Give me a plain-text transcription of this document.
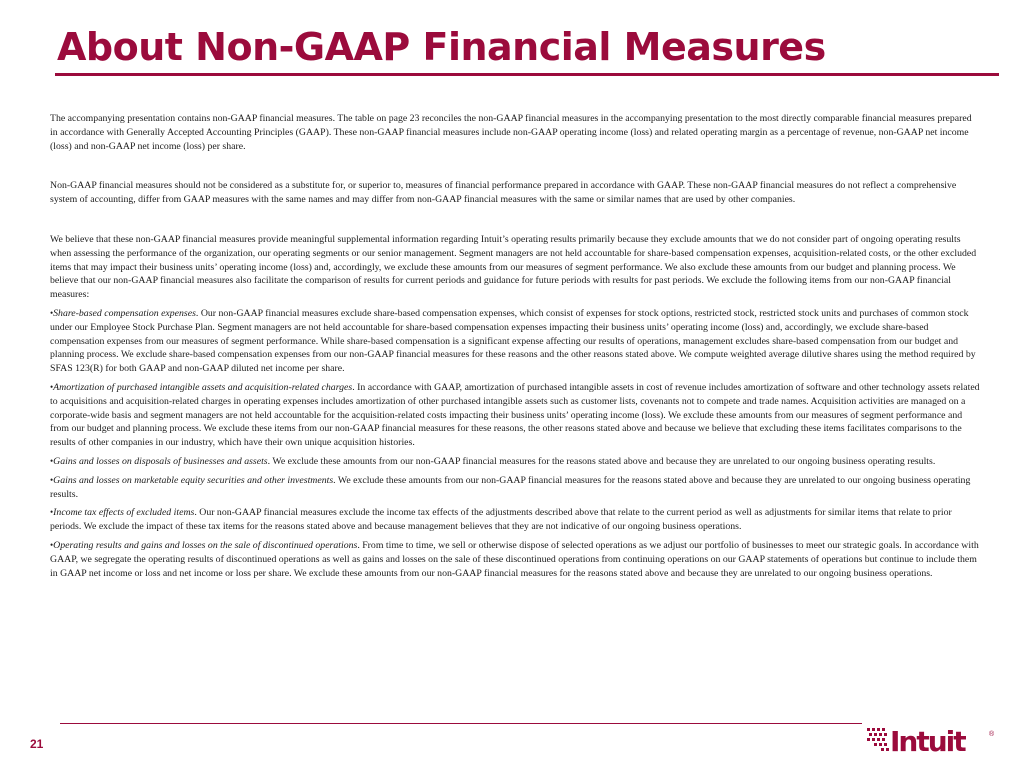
About Non-GAAP Financial Measures

The accompanying presentation contains non-GAAP financial measures. The table on page 23 reconciles the non-GAAP financial measures in the accompanying presentation to the most directly comparable financial measures prepared in accordance with Generally Accepted Accounting Principles (GAAP). These non-GAAP financial measures include non-GAAP operating income (loss) and related operating margin as a percentage of revenue, non-GAAP net income (loss) and non-GAAP net income (loss) per share.

Non-GAAP financial measures should not be considered as a substitute for, or superior to, measures of financial performance prepared in accordance with GAAP. These non-GAAP financial measures do not reflect a comprehensive system of accounting, differ from GAAP measures with the same names and may differ from non-GAAP financial measures with the same or similar names that are used by other companies.

We believe that these non-GAAP financial measures provide meaningful supplemental information regarding Intuit’s operating results primarily because they exclude amounts that we do not consider part of ongoing operating results when assessing the performance of the organization, our operating segments or our senior management. Segment managers are not held accountable for share-based compensation expenses, acquisition-related costs, or the other excluded items that may impact their business units’ operating income (loss) and, accordingly, we exclude these amounts from our measures of segment performance. We also exclude these amounts from our budget and planning process. We believe that our non-GAAP financial measures also facilitate the comparison of results for current periods and guidance for future periods with results for past periods. We exclude the following items from our non-GAAP financial measures:

•Share-based compensation expenses. Our non-GAAP financial measures exclude share-based compensation expenses, which consist of expenses for stock options, restricted stock, restricted stock units and purchases of common stock under our Employee Stock Purchase Plan. Segment managers are not held accountable for share-based compensation expenses impacting their business units’ operating income (loss) and, accordingly, we exclude share-based compensation expenses from our measures of segment performance. While share-based compensation is a significant expense affecting our results of operations, management excludes share-based compensation from our budget and planning process. We exclude share-based compensation expenses from our non-GAAP financial measures for these reasons and the other reasons stated above. We compute weighted average dilutive shares using the method required by SFAS 123(R) for both GAAP and non-GAAP diluted net income per share.

•Amortization of purchased intangible assets and acquisition-related charges. In accordance with GAAP, amortization of purchased intangible assets in cost of revenue includes amortization of software and other technology assets related to acquisitions and acquisition-related charges in operating expenses includes amortization of other purchased intangible assets such as customer lists, covenants not to compete and trade names. Acquisition activities are managed on a corporate-wide basis and segment managers are not held accountable for the acquisition-related costs impacting their business units’ operating income (loss). We exclude these amounts from our measures of segment performance and from our budget and planning process. We exclude these items from our non-GAAP financial measures for these reasons, the other reasons stated above and because we believe that excluding these items facilitates comparisons to the results of other companies in our industry, which have their own unique acquisition histories.

•Gains and losses on disposals of businesses and assets. We exclude these amounts from our non-GAAP financial measures for the reasons stated above and because they are unrelated to our ongoing business operating results.

•Gains and losses on marketable equity securities and other investments. We exclude these amounts from our non-GAAP financial measures for the reasons stated above and because they are unrelated to our ongoing business operating results.

•Income tax effects of excluded items. Our non-GAAP financial measures exclude the income tax effects of the adjustments described above that relate to the current period as well as adjustments for similar items that relate to prior periods. We exclude the impact of these tax items for the reasons stated above and because management believes that they are not indicative of our ongoing business operations.

•Operating results and gains and losses on the sale of discontinued operations. From time to time, we sell or otherwise dispose of selected operations as we adjust our portfolio of businesses to meet our strategic goals. In accordance with GAAP, we segregate the operating results of discontinued operations as well as gains and losses on the sale of these discontinued operations from continuing operations on our GAAP statements of operations but continue to include them in GAAP net income or loss and net income or loss per share. We exclude these amounts from our non-GAAP financial measures for the reasons stated above and because they are unrelated to our ongoing business operations.

21	Intuit	®
